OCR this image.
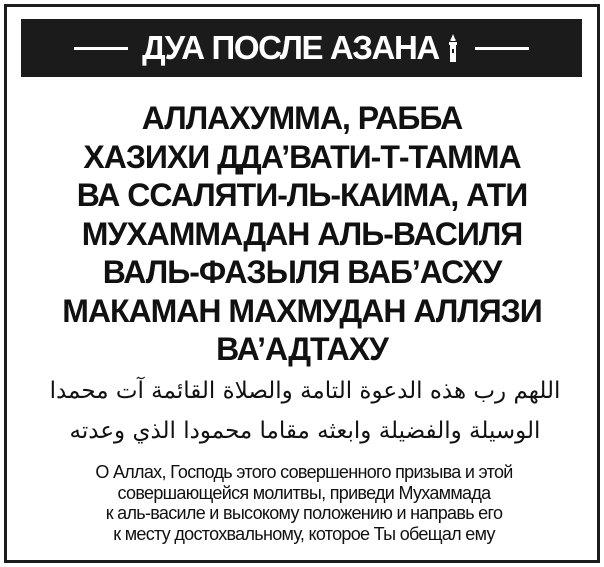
ДУА ПОСЛЕ АЗАНА
АЛЛАХУММА, РАББА
ХАЗИХИ ДДА’ВАТИ-Т-ТАММА
ВА ССАЛЯТИ-ЛЬ-КАИМА, АТИ
МУХАММАДАН АЛЬ-ВАСИЛЯ
ВАЛЬ-ФАЗЫЛЯ ВАБ’АСХУ
МАКАМАН МАХМУДАН АЛЛЯЗИ
ВА’АДТАХУ
اللهم رب هذه الدعوة التامة والصلاة القائمة آت محمدا
الوسيلة والفضيلة وابعثه مقاما محمودا الذي وعدته
О Аллах, Господь этого совершенного призыва и этой
совершающейся молитвы, приведи Мухаммада
к аль-василе и высокому положению и направь его
к месту достохвальному, которое Ты обещал ему
